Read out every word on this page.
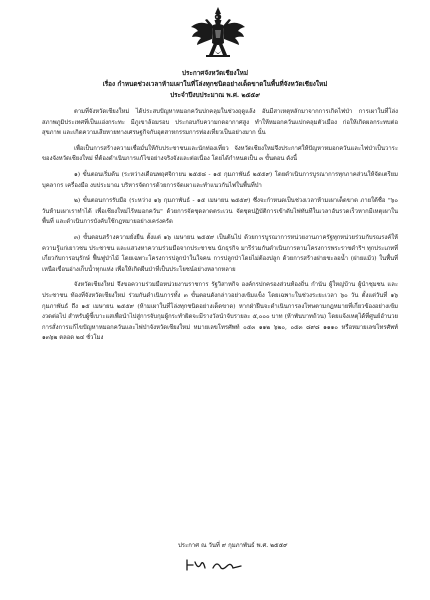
ประกาศจังหวัดเชียงใหม่
เรื่อง กำหนดช่วงเวลาห้ามเผาในที่โล่งทุกชนิดอย่างเด็ดขาดในพื้นที่จังหวัดเชียงใหม่
ประจำปีงบประมาณ พ.ศ. ๒๕๕๙

ตามที่จังหวัดเชียงใหม่ ได้ประสบปัญหาหมอกควันปกคลุมในช่วงฤดูแล้ง อันมีสาเหตุหลักมาจากการเกิดไฟป่า การเผาในที่โล่ง สภาพภูมิประเทศที่เป็นแอ่งกระทะ มีภูเขาล้อมรอบ ประกอบกับความกดอากาศสูง ทำให้หมอกควันแปกคลุมตัวเมือง ก่อให้เกิดผลกระทบต่อสุขภาพ และเกิดความเสียหายทางเศรษฐกิจกับอุตสาหกรรมการท่องเที่ยวเป็นอย่างมาก นั้น

เพื่อเป็นการสร้างความเชื่อมั่นให้กับประชาชนและนักท่องเที่ยว จังหวัดเชียงใหม่จึงประกาศให้ปัญหาหมอกควันและไฟป่าเป็นวาระของจังหวัดเชียงใหม่ ที่ต้องดำเนินการแก้ไขอย่างจริงจังและต่อเนื่อง โดยได้กำหนดเป็น ๓ ขั้นตอน ดังนี้

๑) ขั้นตอนเริ่มต้น (ระหว่างเดือนพฤศจิกายน ๒๕๕๘ - ๑๕ กุมภาพันธ์ ๒๕๕๙) โดยดำเนินการบูรณาการทุกภาคส่วนให้จัดเตรียมบุคลากร เครื่องมือ งบประมาณ บริหารจัดการด้วยการจัดเผาและทำแนวกันไฟในพื้นที่ป่า

๒) ขั้นตอนการรับมือ (ระหว่าง ๑๖ กุมภาพันธ์ - ๑๕ เมษายน ๒๕๕๙) ซึ่งจะกำหนดเป็นช่วงเวลาห้ามเผาเด็ดขาด ภายใต้ชื่อ "๖๐ วันห้ามเผาเราทำได้ เพื่อเชียงใหม่ไร้หมอกควัน" ด้วยการจัดชุดลาดตระเวน จัดชุดปฏิบัติการเข้าดับไฟทันทีในเวลาอันรวดเร็วหากมีเหตุเผาในพื้นที่ และดำเนินการบังคับใช้กฎหมายอย่างเคร่งครัด

๓) ขั้นตอนสร้างความยั่งยืน ตั้งแต่ ๑๖ เมษายน ๒๕๕๙ เป็นต้นไป ด้วยการบูรณาการหน่วยงานภาครัฐทุกหน่วยร่วมกับรณรงค์ให้ความรู้แก่เยาวชน ประชาชน และแสวงหาความร่วมมือจากประชาชน นักธุรกิจ มารีร่วมกันดำเนินการตามโครงการพระราชดำริฯ ทุกประเภทที่เกี่ยวกับการอนุรักษ์ ฟื้นฟูป่าไม้ โดยเฉพาะโครงการปลูกป่าในใจคน การปลูกป่าโดยไม่ต้องปลูก ด้วยการสร้างฝายชะลอน้ำ (ฝายแม้ว) ในพื้นที่เหนือเขื่อนอ่างเก็บน้ำทุกแห่ง เพื่อให้เกิดผืนป่าที่เป็นประโยชน์อย่างหลากหลาย

จังหวัดเชียงใหม่ จึงขอความร่วมมือหน่วยงานราชการ รัฐวิสาหกิจ องค์กรปกครองส่วนท้องถิ่น กำนัน ผู้ใหญ่บ้าน ผู้นำชุมชน และประชาชน ท้องที่จังหวัดเชียงใหม่ ร่วมกันดำเนินการทั้ง ๓ ขั้นตอนดังกล่าวอย่างเข้มแข็ง โดยเฉพาะในช่วงระยะเวลา ๖๐ วัน ตั้งแต่วันที่ ๑๖ กุมภาพันธ์ ถึง ๑๕ เมษายน ๒๕๕๙ (ห้ามเผาในที่โล่งทุกชนิดอย่างเด็ดขาด) หากฝ่าฝืนจะดำเนินการลงโทษตามกฎหมายที่เกี่ยวข้องอย่างเข้มงวดต่อไป สำหรับผู้ชี้เบาะแสเพื่อนำไปสู่การจับกุมผู้กระทำผิดจะมีรางวัลนำจับรายละ ๕,๐๐๐ บาท (ห้าพันบาทถ้วน) โดยแจ้งเหตุได้ที่ศูนย์อำนวยการสั่งการแก้ไขปัญหาหมอกควันและไฟป่าจังหวัดเชียงใหม่ หมายเลขโทรศัพท์ ๐๕๓ ๑๑๒ ๖๒๐, ๐๕๓ ๘๙๘ ๑๑๑๐ หรือหมายเลขโทรศัพท์ ๑๓๖๒ ตลอด ๒๔ ชั่วโมง

ประกาศ ณ วันที่ ๙ กุมภาพันธ์ พ.ศ. ๒๕๕๙
